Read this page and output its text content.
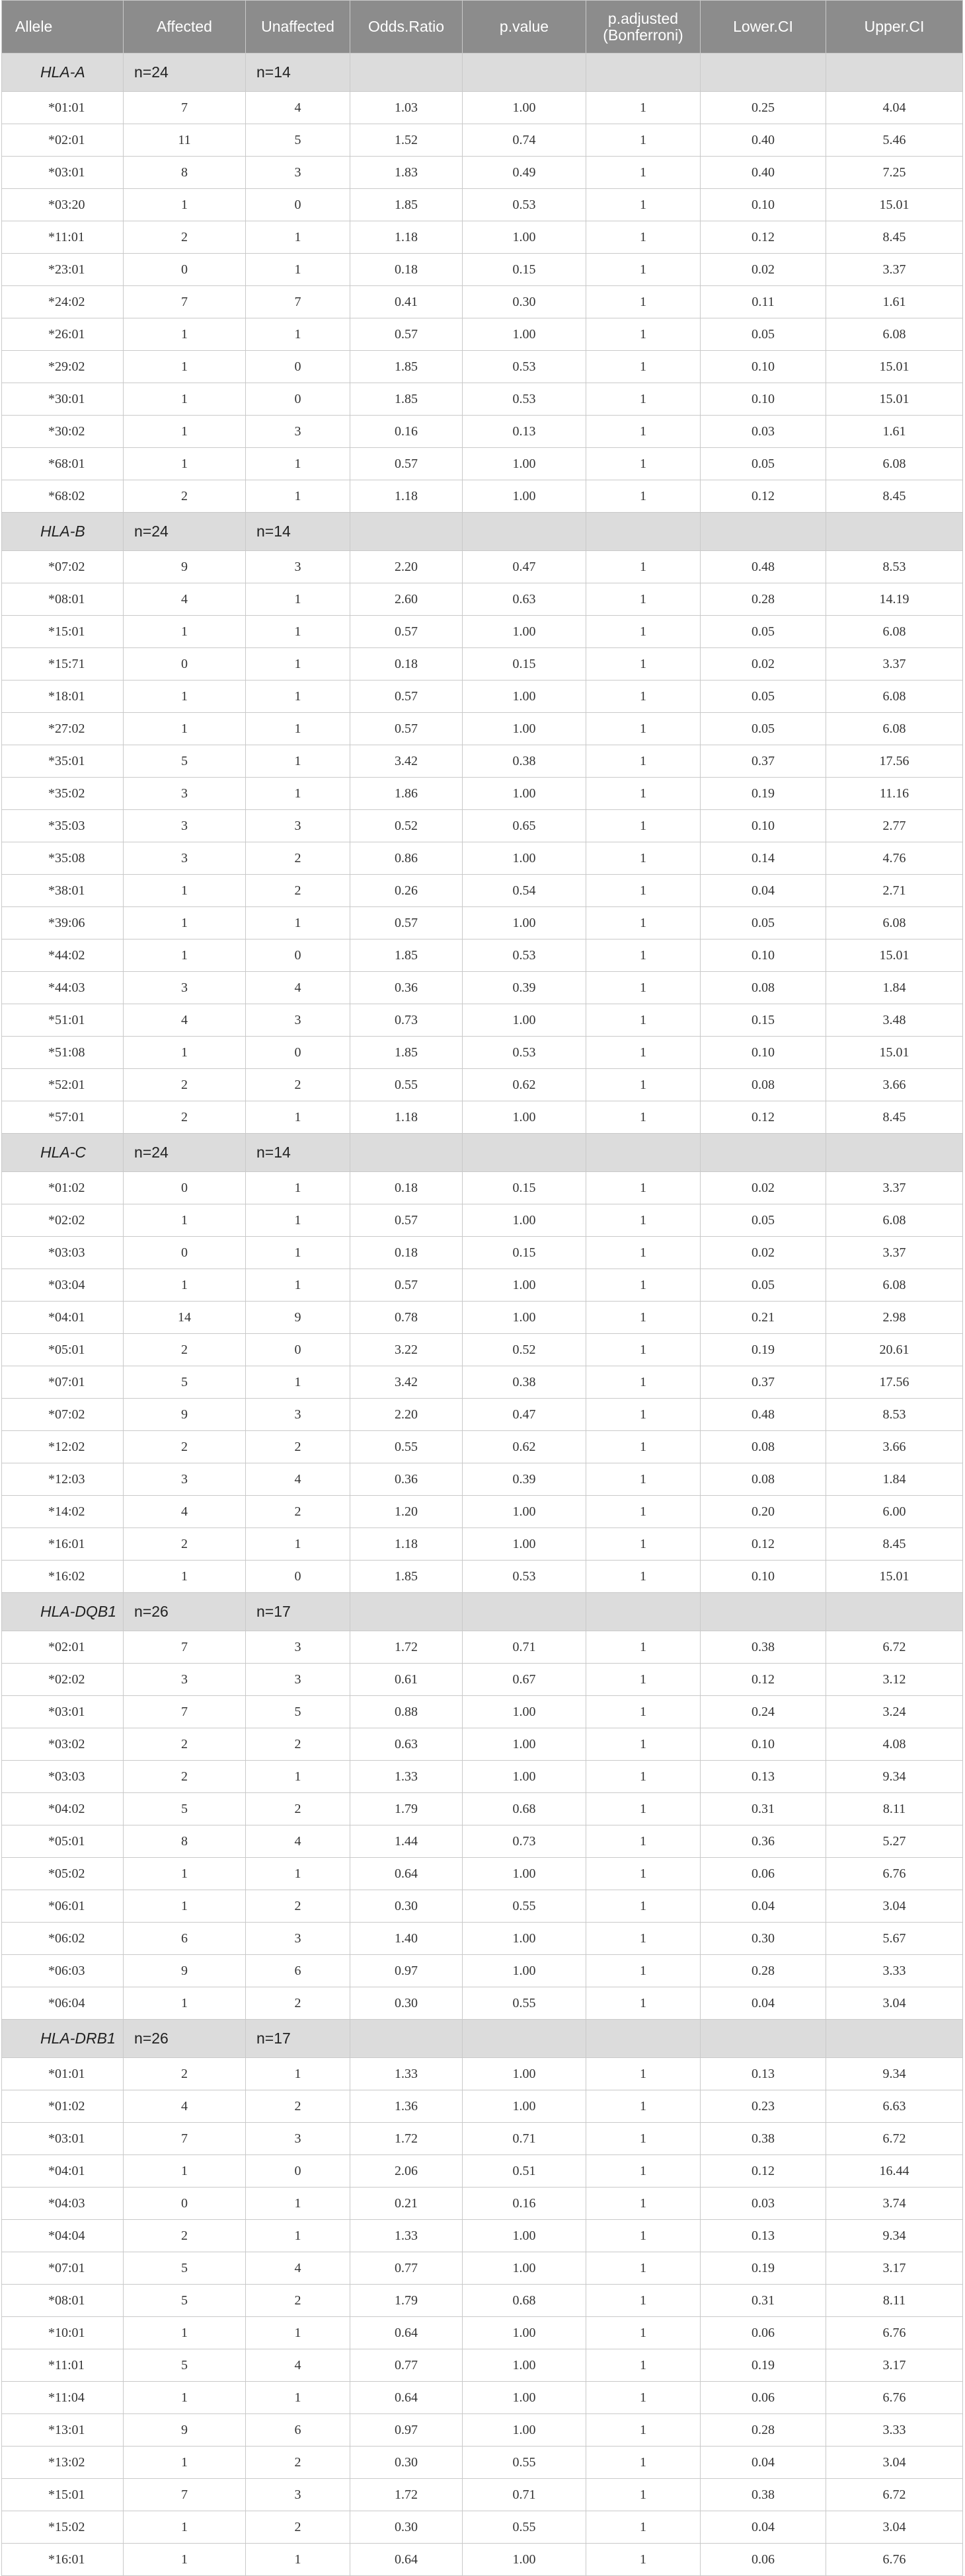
Allele	Affected	Unaffected	Odds.Ratio	p.value	p.adjusted (Bonferroni)	Lower.CI	Upper.CI
HLA-A	n=24	n=14					
*01:01	7	4	1.03	1.00	1	0.25	4.04
*02:01	11	5	1.52	0.74	1	0.40	5.46
*03:01	8	3	1.83	0.49	1	0.40	7.25
*03:20	1	0	1.85	0.53	1	0.10	15.01
*11:01	2	1	1.18	1.00	1	0.12	8.45
*23:01	0	1	0.18	0.15	1	0.02	3.37
*24:02	7	7	0.41	0.30	1	0.11	1.61
*26:01	1	1	0.57	1.00	1	0.05	6.08
*29:02	1	0	1.85	0.53	1	0.10	15.01
*30:01	1	0	1.85	0.53	1	0.10	15.01
*30:02	1	3	0.16	0.13	1	0.03	1.61
*68:01	1	1	0.57	1.00	1	0.05	6.08
*68:02	2	1	1.18	1.00	1	0.12	8.45
HLA-B	n=24	n=14					
*07:02	9	3	2.20	0.47	1	0.48	8.53
*08:01	4	1	2.60	0.63	1	0.28	14.19
*15:01	1	1	0.57	1.00	1	0.05	6.08
*15:71	0	1	0.18	0.15	1	0.02	3.37
*18:01	1	1	0.57	1.00	1	0.05	6.08
*27:02	1	1	0.57	1.00	1	0.05	6.08
*35:01	5	1	3.42	0.38	1	0.37	17.56
*35:02	3	1	1.86	1.00	1	0.19	11.16
*35:03	3	3	0.52	0.65	1	0.10	2.77
*35:08	3	2	0.86	1.00	1	0.14	4.76
*38:01	1	2	0.26	0.54	1	0.04	2.71
*39:06	1	1	0.57	1.00	1	0.05	6.08
*44:02	1	0	1.85	0.53	1	0.10	15.01
*44:03	3	4	0.36	0.39	1	0.08	1.84
*51:01	4	3	0.73	1.00	1	0.15	3.48
*51:08	1	0	1.85	0.53	1	0.10	15.01
*52:01	2	2	0.55	0.62	1	0.08	3.66
*57:01	2	1	1.18	1.00	1	0.12	8.45
HLA-C	n=24	n=14					
*01:02	0	1	0.18	0.15	1	0.02	3.37
*02:02	1	1	0.57	1.00	1	0.05	6.08
*03:03	0	1	0.18	0.15	1	0.02	3.37
*03:04	1	1	0.57	1.00	1	0.05	6.08
*04:01	14	9	0.78	1.00	1	0.21	2.98
*05:01	2	0	3.22	0.52	1	0.19	20.61
*07:01	5	1	3.42	0.38	1	0.37	17.56
*07:02	9	3	2.20	0.47	1	0.48	8.53
*12:02	2	2	0.55	0.62	1	0.08	3.66
*12:03	3	4	0.36	0.39	1	0.08	1.84
*14:02	4	2	1.20	1.00	1	0.20	6.00
*16:01	2	1	1.18	1.00	1	0.12	8.45
*16:02	1	0	1.85	0.53	1	0.10	15.01
HLA-DQB1	n=26	n=17					
*02:01	7	3	1.72	0.71	1	0.38	6.72
*02:02	3	3	0.61	0.67	1	0.12	3.12
*03:01	7	5	0.88	1.00	1	0.24	3.24
*03:02	2	2	0.63	1.00	1	0.10	4.08
*03:03	2	1	1.33	1.00	1	0.13	9.34
*04:02	5	2	1.79	0.68	1	0.31	8.11
*05:01	8	4	1.44	0.73	1	0.36	5.27
*05:02	1	1	0.64	1.00	1	0.06	6.76
*06:01	1	2	0.30	0.55	1	0.04	3.04
*06:02	6	3	1.40	1.00	1	0.30	5.67
*06:03	9	6	0.97	1.00	1	0.28	3.33
*06:04	1	2	0.30	0.55	1	0.04	3.04
HLA-DRB1	n=26	n=17					
*01:01	2	1	1.33	1.00	1	0.13	9.34
*01:02	4	2	1.36	1.00	1	0.23	6.63
*03:01	7	3	1.72	0.71	1	0.38	6.72
*04:01	1	0	2.06	0.51	1	0.12	16.44
*04:03	0	1	0.21	0.16	1	0.03	3.74
*04:04	2	1	1.33	1.00	1	0.13	9.34
*07:01	5	4	0.77	1.00	1	0.19	3.17
*08:01	5	2	1.79	0.68	1	0.31	8.11
*10:01	1	1	0.64	1.00	1	0.06	6.76
*11:01	5	4	0.77	1.00	1	0.19	3.17
*11:04	1	1	0.64	1.00	1	0.06	6.76
*13:01	9	6	0.97	1.00	1	0.28	3.33
*13:02	1	2	0.30	0.55	1	0.04	3.04
*15:01	7	3	1.72	0.71	1	0.38	6.72
*15:02	1	2	0.30	0.55	1	0.04	3.04
*16:01	1	1	0.64	1.00	1	0.06	6.76
